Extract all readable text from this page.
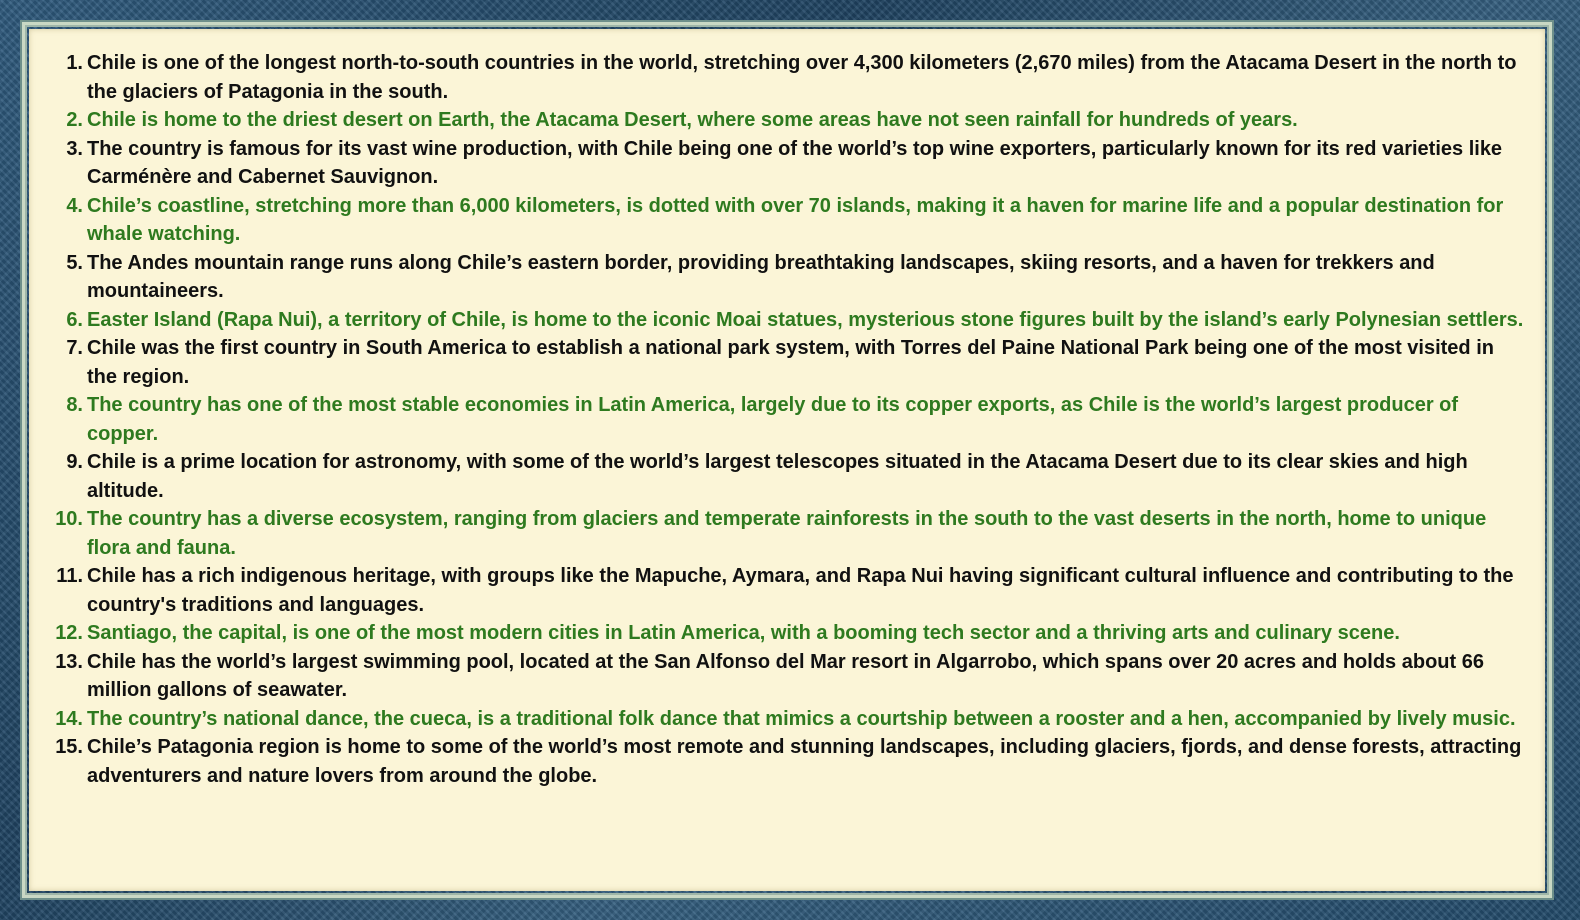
1. Chile is one of the longest north-to-south countries in the world, stretching over 4,300 kilometers (2,670 miles) from the Atacama Desert in the north to the glaciers of Patagonia in the south.
2. Chile is home to the driest desert on Earth, the Atacama Desert, where some areas have not seen rainfall for hundreds of years.
3. The country is famous for its vast wine production, with Chile being one of the world’s top wine exporters, particularly known for its red varieties like Carménère and Cabernet Sauvignon.
4. Chile’s coastline, stretching more than 6,000 kilometers, is dotted with over 70 islands, making it a haven for marine life and a popular destination for whale watching.
5. The Andes mountain range runs along Chile’s eastern border, providing breathtaking landscapes, skiing resorts, and a haven for trekkers and mountaineers.
6. Easter Island (Rapa Nui), a territory of Chile, is home to the iconic Moai statues, mysterious stone figures built by the island’s early Polynesian settlers.
7. Chile was the first country in South America to establish a national park system, with Torres del Paine National Park being one of the most visited in the region.
8. The country has one of the most stable economies in Latin America, largely due to its copper exports, as Chile is the world’s largest producer of copper.
9. Chile is a prime location for astronomy, with some of the world’s largest telescopes situated in the Atacama Desert due to its clear skies and high altitude.
10. The country has a diverse ecosystem, ranging from glaciers and temperate rainforests in the south to the vast deserts in the north, home to unique flora and fauna.
11. Chile has a rich indigenous heritage, with groups like the Mapuche, Aymara, and Rapa Nui having significant cultural influence and contributing to the country's traditions and languages.
12. Santiago, the capital, is one of the most modern cities in Latin America, with a booming tech sector and a thriving arts and culinary scene.
13. Chile has the world’s largest swimming pool, located at the San Alfonso del Mar resort in Algarrobo, which spans over 20 acres and holds about 66 million gallons of seawater.
14. The country’s national dance, the cueca, is a traditional folk dance that mimics a courtship between a rooster and a hen, accompanied by lively music.
15. Chile’s Patagonia region is home to some of the world’s most remote and stunning landscapes, including glaciers, fjords, and dense forests, attracting adventurers and nature lovers from around the globe.
